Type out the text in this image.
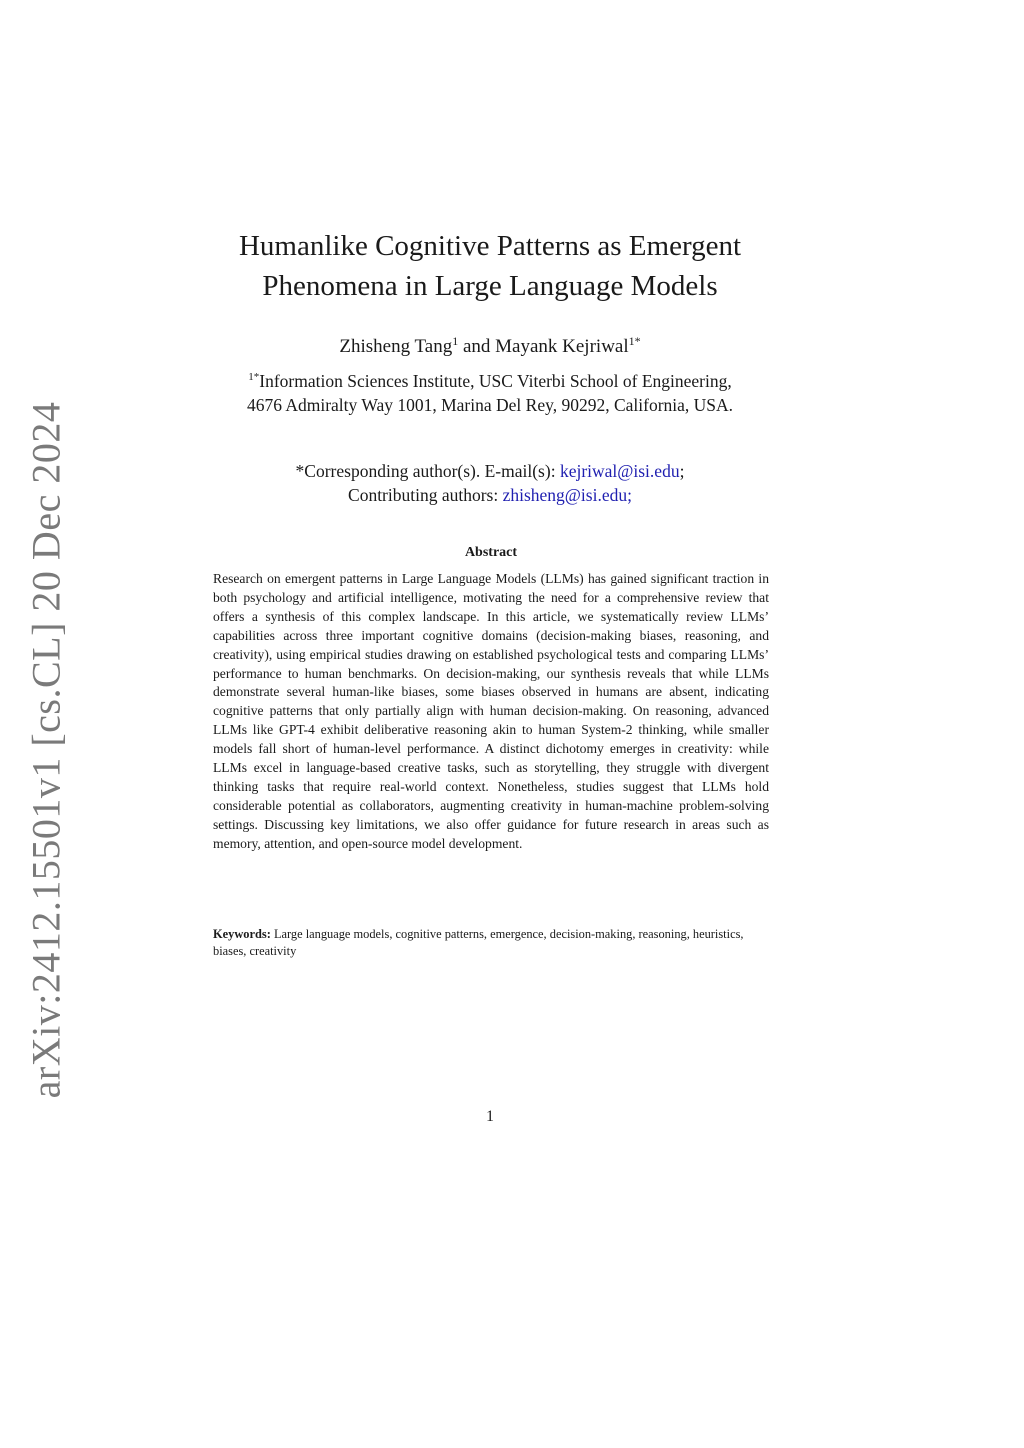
arXiv:2412.15501v1 [cs.CL] 20 Dec 2024
Humanlike Cognitive Patterns as Emergent
Phenomena in Large Language Models
Zhisheng Tang$^1$ and Mayank Kejriwal$^{1*}$
$^{1*}$Information Sciences Institute, USC Viterbi School of Engineering,
4676 Admiralty Way 1001, Marina Del Rey, 90292, California, USA.
*Corresponding author(s). E-mail(s): kejriwal@isi.edu;
Contributing authors: zhisheng@isi.edu;
Abstract
Research on emergent patterns in Large Language Models (LLMs) has gained significant traction in both psychology and artificial intelligence, motivating the need for a comprehensive review that offers a synthesis of this complex landscape. In this article, we systematically review LLMs’ capabilities across three important cognitive domains (decision-making biases, reasoning, and creativity), using empirical studies drawing on established psychological tests and comparing LLMs’ performance to human benchmarks. On decision-making, our synthesis reveals that while LLMs demonstrate several human-like biases, some biases observed in humans are absent, indicating cognitive patterns that only partially align with human decision-making. On reasoning, advanced LLMs like GPT-4 exhibit deliberative reasoning akin to human System-2 thinking, while smaller models fall short of human-level performance. A distinct dichotomy emerges in creativity: while LLMs excel in language-based creative tasks, such as storytelling, they struggle with divergent thinking tasks that require real-world context. Nonetheless, studies suggest that LLMs hold considerable potential as collaborators, augmenting creativity in human-machine problem-solving settings. Discussing key limitations, we also offer guidance for future research in areas such as memory, attention, and open-source model development.
Keywords: Large language models, cognitive patterns, emergence, decision-making, reasoning, heuristics, biases, creativity
1
